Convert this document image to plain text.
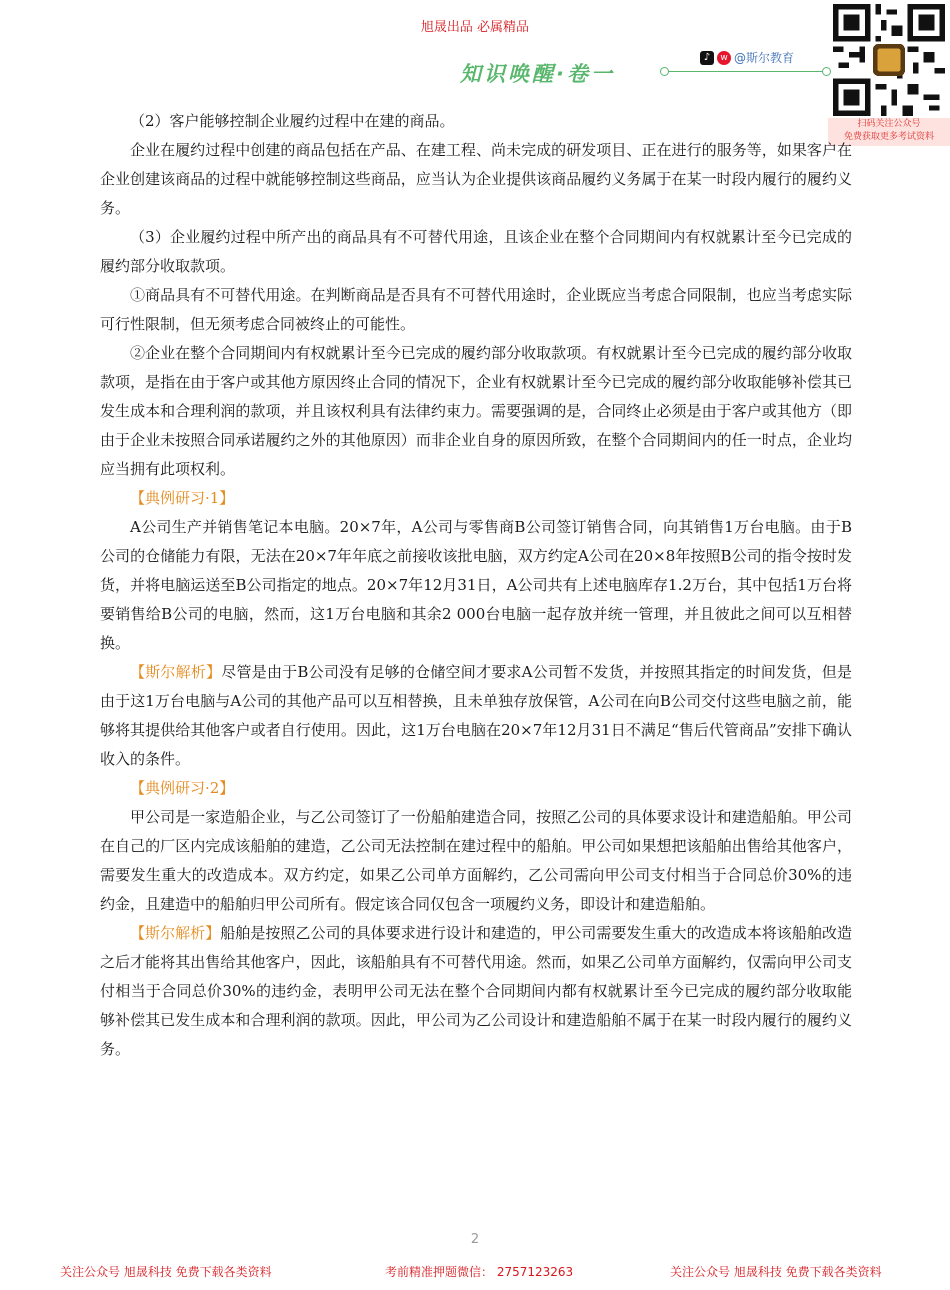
旭晟出品 必属精品
知识唤醒·卷一
♪	w @斯尔教育
扫码关注公众号
免费获取更多考试资料

（2）客户能够控制企业履约过程中在建的商品。

企业在履约过程中创建的商品包括在产品、在建工程、尚未完成的研发项目、正在进行的服务等，如果客户在企业创建该商品的过程中就能够控制这些商品，应当认为企业提供该商品履约义务属于在某一时段内履行的履约义务。

（3）企业履约过程中所产出的商品具有不可替代用途，且该企业在整个合同期间内有权就累计至今已完成的履约部分收取款项。

①商品具有不可替代用途。在判断商品是否具有不可替代用途时，企业既应当考虑合同限制，也应当考虑实际可行性限制，但无须考虑合同被终止的可能性。

②企业在整个合同期间内有权就累计至今已完成的履约部分收取款项。有权就累计至今已完成的履约部分收取款项，是指在由于客户或其他方原因终止合同的情况下，企业有权就累计至今已完成的履约部分收取能够补偿其已发生成本和合理利润的款项，并且该权利具有法律约束力。需要强调的是，合同终止必须是由于客户或其他方（即由于企业未按照合同承诺履约之外的其他原因）而非企业自身的原因所致，在整个合同期间内的任一时点，企业均应当拥有此项权利。

【典例研习·1】

A公司生产并销售笔记本电脑。20×7年，A公司与零售商B公司签订销售合同，向其销售1万台电脑。由于B公司的仓储能力有限，无法在20×7年年底之前接收该批电脑，双方约定A公司在20×8年按照B公司的指令按时发货，并将电脑运送至B公司指定的地点。20×7年12月31日，A公司共有上述电脑库存1.2万台，其中包括1万台将要销售给B公司的电脑，然而，这1万台电脑和其余2 000台电脑一起存放并统一管理，并且彼此之间可以互相替换。

【斯尔解析】尽管是由于B公司没有足够的仓储空间才要求A公司暂不发货，并按照其指定的时间发货，但是由于这1万台电脑与A公司的其他产品可以互相替换，且未单独存放保管，A公司在向B公司交付这些电脑之前，能够将其提供给其他客户或者自行使用。因此，这1万台电脑在20×7年12月31日不满足“售后代管商品”安排下确认收入的条件。

【典例研习·2】

甲公司是一家造船企业，与乙公司签订了一份船舶建造合同，按照乙公司的具体要求设计和建造船舶。甲公司在自己的厂区内完成该船舶的建造，乙公司无法控制在建过程中的船舶。甲公司如果想把该船舶出售给其他客户，需要发生重大的改造成本。双方约定，如果乙公司单方面解约，乙公司需向甲公司支付相当于合同总价30%的违约金，且建造中的船舶归甲公司所有。假定该合同仅包含一项履约义务，即设计和建造船舶。

【斯尔解析】船舶是按照乙公司的具体要求进行设计和建造的，甲公司需要发生重大的改造成本将该船舶改造之后才能将其出售给其他客户，因此，该船舶具有不可替代用途。然而，如果乙公司单方面解约，仅需向甲公司支付相当于合同总价30%的违约金，表明甲公司无法在整个合同期间内都有权就累计至今已完成的履约部分收取能够补偿其已发生成本和合理利润的款项。因此，甲公司为乙公司设计和建造船舶不属于在某一时段内履行的履约义务。

2
关注公众号 旭晟科技 免费下载各类资料	考前精准押题微信： 2757123263	关注公众号 旭晟科技 免费下载各类资料
